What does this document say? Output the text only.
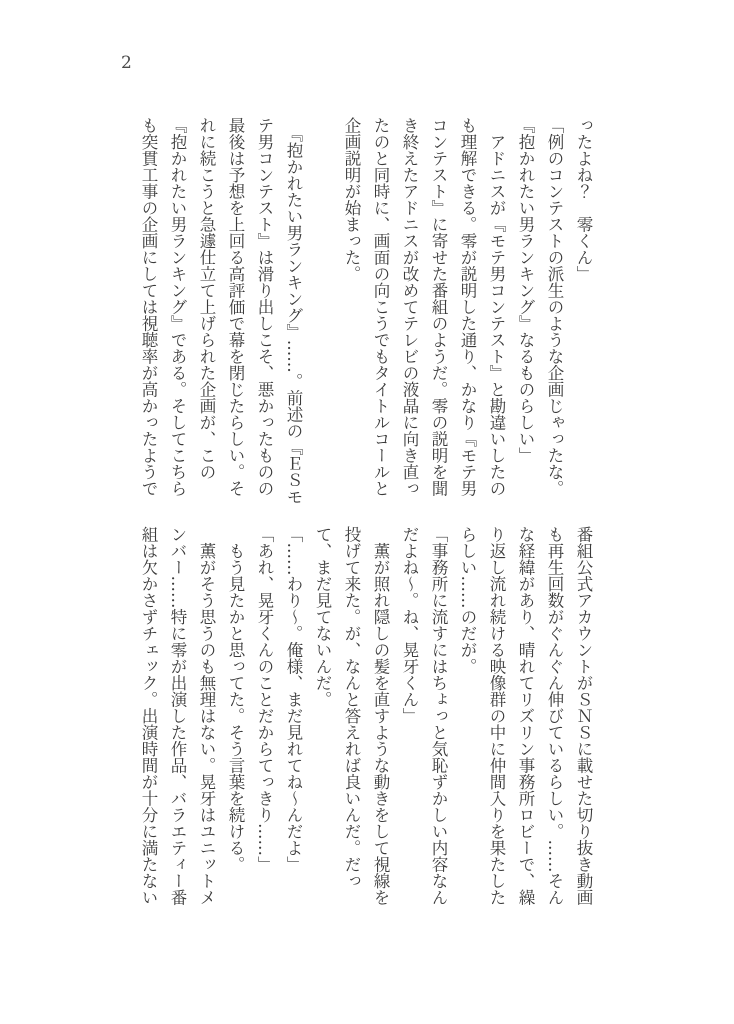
2

ったよね？　零くん」

「例のコンテストの派生のような企画じゃったな。『抱かれたい男ランキング』なるものらしい」

　アドニスが『モテ男コンテスト』と勘違いしたのも理解できる。零が説明した通り、かなり『モテ男コンテスト』に寄せた番組のようだ。零の説明を聞き終えたアドニスが改めてテレビの液晶に向き直ったのと同時に、画面の向こうでもタイトルコールと企画説明が始まった。

　『抱かれたい男ランキング』……。前述の『ＥＳモテ男コンテスト』は滑り出しこそ、悪かったものの最後は予想を上回る高評価で幕を閉じたらしい。それに続こうと急遽仕立て上げられた企画が、この『抱かれたい男ランキング』である。そしてこちらも突貫工事の企画にしては視聴率が高かったようで

番組公式アカウントがＳＮＳに載せた切り抜き動画も再生回数がぐんぐん伸びているらしい。……そんな経緯があり、晴れてリズリン事務所ロビーで、繰り返し流れ続ける映像群の中に仲間入りを果たしたらしい……のだが。

「事務所に流すにはちょっと気恥ずかしい内容なんだよね～。ね、晃牙くん」

　薫が照れ隠しの髪を直すような動きをして視線を投げて来た。が、なんと答えれば良いんだ。だって、まだ見てないんだ。

「……わり～。俺様、まだ見れてね～んだよ」

「あれ、晃牙くんのことだからてっきり……」

　もう見たかと思ってた。そう言葉を続ける。

　薫がそう思うのも無理はない。晃牙はユニットメンバー……特に零が出演した作品、バラエティー番組は欠かさずチェック。出演時間が十分に満たない
